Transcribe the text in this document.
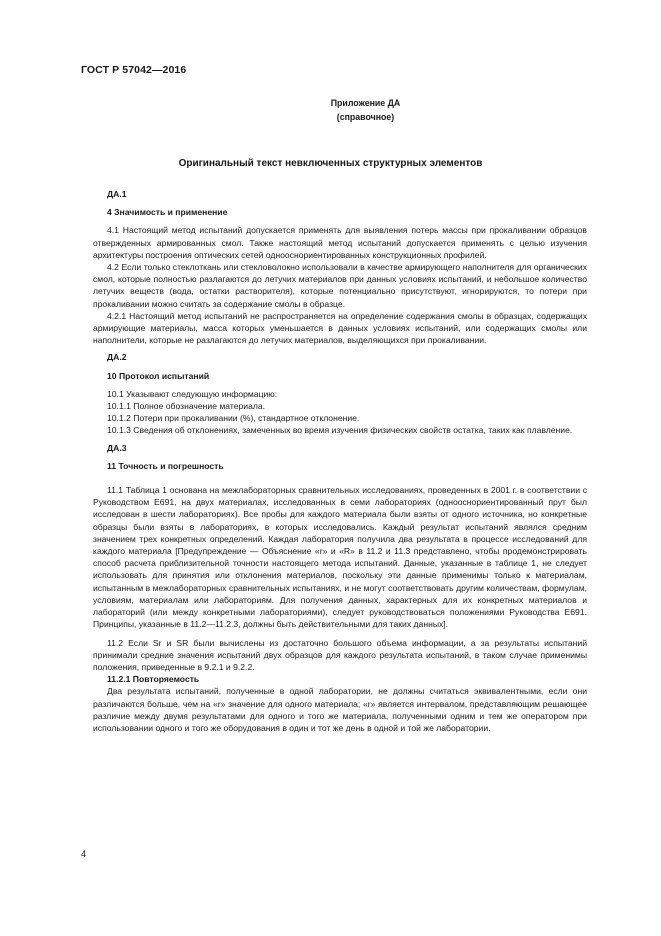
ГОСТ Р 57042—2016
Приложение ДА
(справочное)
Оригинальный текст невключенных структурных элементов

ДА.1

4 Значимость и применение

4.1 Настоящий метод испытаний допускается применять для выявления потерь массы при прокаливании образцов отвержденных армированных смол. Также настоящий метод испытаний допускается применять с целью изучения архитектуры построения оптических сетей однооснориентированных конструкционных профилей.

4.2 Если только стеклоткань или стекловолокно использовали в качестве армирующего наполнителя для органических смол, которые полностью разлагаются до летучих материалов при данных условиях испытаний, и небольшое количество летучих веществ (вода, остатки растворителя), которые потенциально присутствуют, игнорируются, то потери при прокаливании можно считать за содержание смолы в образце.

4.2.1 Настоящий метод испытаний не распространяется на определение содержания смолы в образцах, содержащих армирующие материалы, масса которых уменьшается в данных условиях испытаний, или содержащих смолы или наполнители, которые не разлагаются до летучих материалов, выделяющихся при прокаливании.

ДА.2

10 Протокол испытаний

10.1 Указывают следующую информацию:

10.1.1 Полное обозначение материала.

10.1.2 Потери при прокаливании (%), стандартное отклонение.

10.1.3 Сведения об отклонениях, замеченных во время изучения физических свойств остатка, таких как плавление.

ДА.3

11 Точность и погрешность

11.1 Таблица 1 основана на межлабораторных сравнительных исследованиях, проведенных в 2001 г. в соответствии с Руководством Е691, на двух материалах, исследованных в семи лабораториях (однооснориентированный прут был исследован в шести лабораториях). Все пробы для каждого материала были взяты от одного источника, но конкретные образцы были взяты в лабораториях, в которых исследовались. Каждый результат испытаний являлся средним значением трех конкретных определений. Каждая лаборатория получила два результата в процессе исследований для каждого материала [Предупреждение — Объяснение «r» и «R» в 11.2 и 11.3 представлено, чтобы продемонстрировать способ расчета приблизительной точности настоящего метода испытаний. Данные, указанные в таблице 1, не следует использовать для принятия или отклонения материалов, поскольку эти данные применимы только к материалам, испытанным в межлабораторных сравнительных испытаниях, и не могут соответствовать другим количествам, формулам, условиям, материалам или лабораториям. Для получения данных, характерных для их конкретных материалов и лабораторий (или между конкретными лабораториями), следует руководствоваться положениями Руководства Е691. Принципы, указанные в 11.2—11.2.3, должны быть действительными для таких данных].

11.2 Если Sr и SR были вычислены из достаточно большого объема информации, а за результаты испытаний принимали средние значения испытаний двух образцов для каждого результата испытаний, в таком случае применимы положения, приведенные в 9.2.1 и 9.2.2.

11.2.1 Повторяемость

Два результата испытаний, полученные в одной лаборатории, не должны считаться эквивалентными, если они различаются больше, чем на «r» значение для одного материала; «r» является интервалом, представляющим решающее различие между двумя результатами для одного и того же материала, полученными одним и тем же оператором при использовании одного и того же оборудования в один и тот же день в одной и той же лаборатории.

4
